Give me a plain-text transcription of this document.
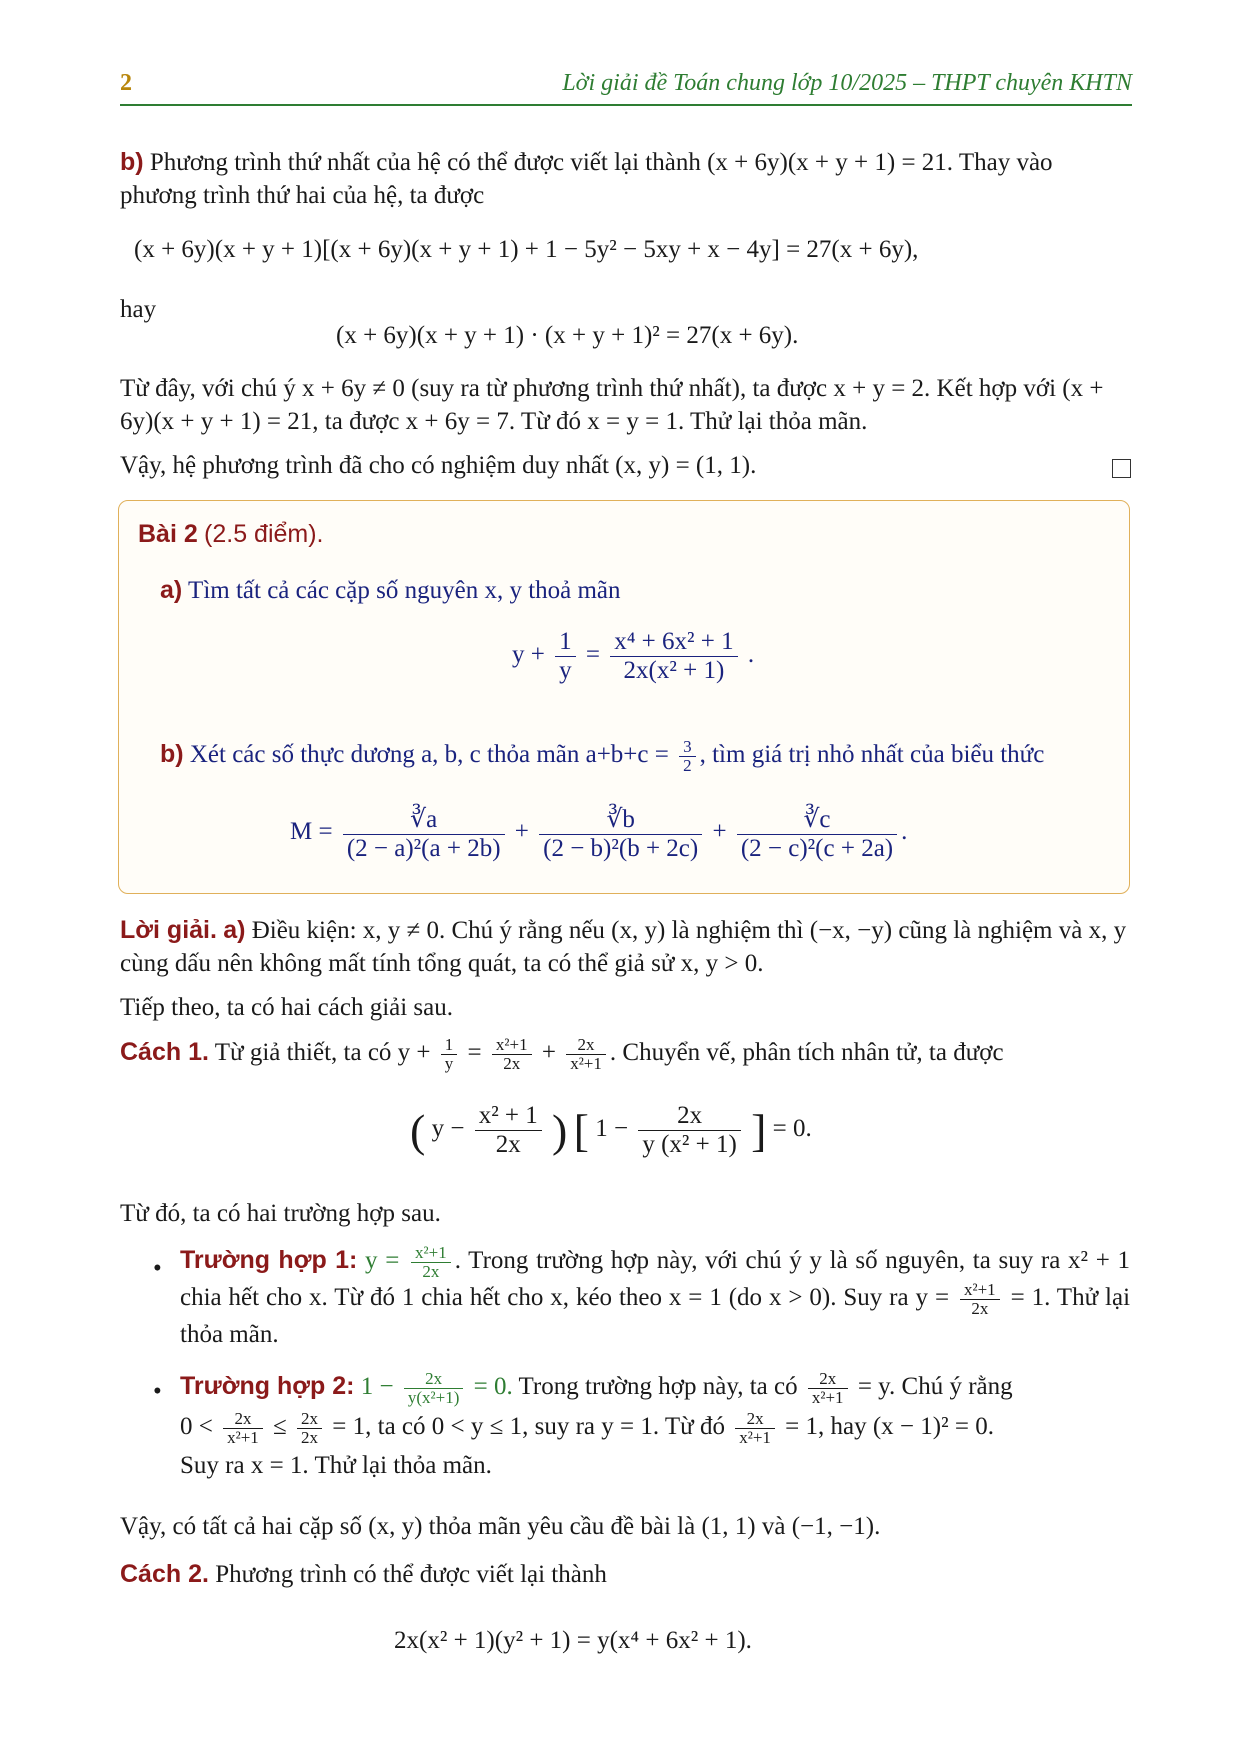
2	Lời giải đề Toán chung lớp 10/2025 – THPT chuyên KHTN
b) Phương trình thứ nhất của hệ có thể được viết lại thành (x + 6y)(x + y + 1) = 21. Thay vào phương trình thứ hai của hệ, ta được
(x + 6y)(x + y + 1)[(x + 6y)(x + y + 1) + 1 − 5y² − 5xy + x − 4y] = 27(x + 6y),
hay
(x + 6y)(x + y + 1) · (x + y + 1)² = 27(x + 6y).
Từ đây, với chú ý x + 6y ≠ 0 (suy ra từ phương trình thứ nhất), ta được x + y = 2. Kết hợp với (x + 6y)(x + y + 1) = 21, ta được x + 6y = 7. Từ đó x = y = 1. Thử lại thỏa mãn.
Vậy, hệ phương trình đã cho có nghiệm duy nhất (x, y) = (1, 1).
Bài 2 (2.5 điểm).
a) Tìm tất cả các cặp số nguyên x, y thoả mãn
$y + \frac{1}{y} = \frac{\text{x⁴ + 6x² + 1}}{\text{2x(x² + 1)}}$ .
b) Xét các số thực dương a, b, c thỏa mãn $a+b+c = \frac{3}{2}$ , tìm giá trị nhỏ nhất của biểu thức
$M = \frac{∛a}{\text{(2 − a)²(a + 2b)}} + \frac{∛b}{\text{(2 − b)²(b + 2c)}} + \frac{∛c}{\text{(2 − c)²(c + 2a)}}$ .
Lời giải. a) Điều kiện: x, y ≠ 0. Chú ý rằng nếu (x, y) là nghiệm thì (−x, −y) cũng là nghiệm và x, y cùng dấu nên không mất tính tổng quát, ta có thể giả sử x, y > 0.
Tiếp theo, ta có hai cách giải sau.
Cách 1. Từ giả thiết, ta có $y + \frac{1}{y} = \frac{\text{x²+1}}{2x} + \frac{2x}{\text{x²+1}}$ . Chuyển vế, phân tích nhân tử, ta được
( $y - \frac{\text{x² + 1}}{2x}$ ) [ $1 - \frac{2x}{\text{y (x² + 1)}}$ ] = 0.
Từ đó, ta có hai trường hợp sau.
• Trường hợp 1: $y = \frac{\text{x²+1}}{2x}$ . Trong trường hợp này, với chú ý y là số nguyên, ta suy ra x² + 1 chia hết cho x. Từ đó 1 chia hết cho x, kéo theo x = 1 (do x > 0). Suy ra $y = \frac{\text{x²+1}}{2x} = 1$. Thử lại thỏa mãn.
• Trường hợp 2: $1 - \frac{2x}{\text{y(x²+1)}} = 0$. Trong trường hợp này, ta có $\frac{2x}{\text{x²+1}} = y$. Chú ý rằng
$0 < \frac{2x}{\text{x²+1}} \le \frac{2x}{2x} = 1$, ta có 0 < y ≤ 1, suy ra y = 1. Từ đó $\frac{2x}{\text{x²+1}} = 1$, hay (x − 1)² = 0.
Suy ra x = 1. Thử lại thỏa mãn.
Vậy, có tất cả hai cặp số (x, y) thỏa mãn yêu cầu đề bài là (1, 1) và (−1, −1).
Cách 2. Phương trình có thể được viết lại thành
2x(x² + 1)(y² + 1) = y(x⁴ + 6x² + 1).
